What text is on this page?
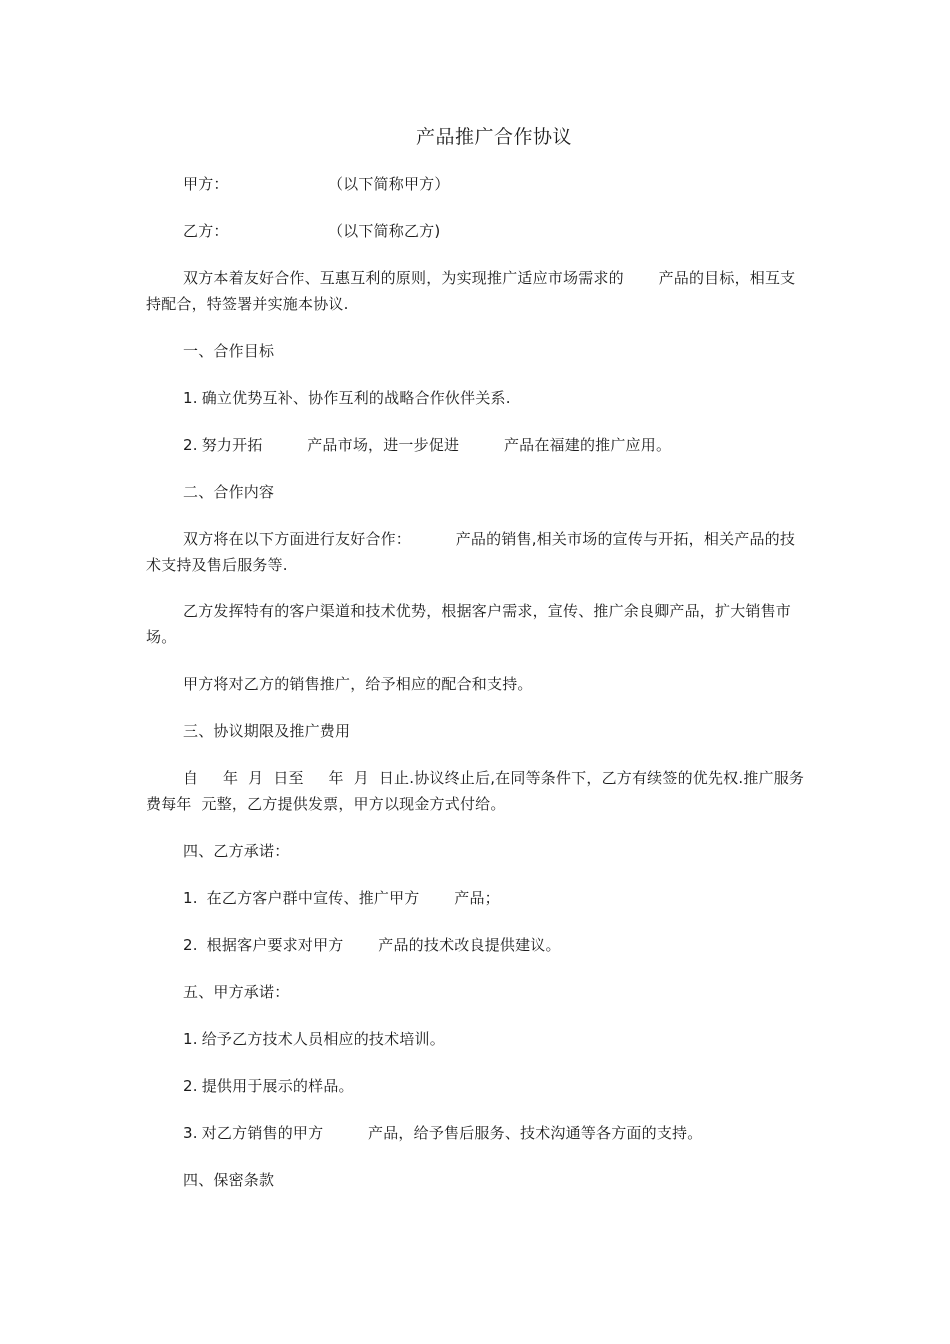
产品推广合作协议
甲方：                    （以下简称甲方）
乙方：                    （以下简称乙方)
双方本着友好合作、互惠互利的原则，为实现推广适应市场需求的       产品的目标，相互支持配合，特签署并实施本协议.
一、合作目标
1. 确立优势互补、协作互利的战略合作伙伴关系.
2. 努力开拓         产品市场，进一步促进         产品在福建的推广应用。
二、合作内容
双方将在以下方面进行友好合作：         产品的销售,相关市场的宣传与开拓，相关产品的技术支持及售后服务等.
乙方发挥特有的客户渠道和技术优势，根据客户需求，宣传、推广余良卿产品，扩大销售市场。
甲方将对乙方的销售推广，给予相应的配合和支持。
三、协议期限及推广费用
自     年  月  日至     年  月  日止.协议终止后,在同等条件下，乙方有续签的优先权.推广服务费每年  元整，乙方提供发票，甲方以现金方式付给。
四、乙方承诺：
1. 在乙方客户群中宣传、推广甲方       产品；
2. 根据客户要求对甲方       产品的技术改良提供建议。
五、甲方承诺：
1. 给予乙方技术人员相应的技术培训。
2. 提供用于展示的样品。
3. 对乙方销售的甲方         产品，给予售后服务、技术沟通等各方面的支持。
四、保密条款
